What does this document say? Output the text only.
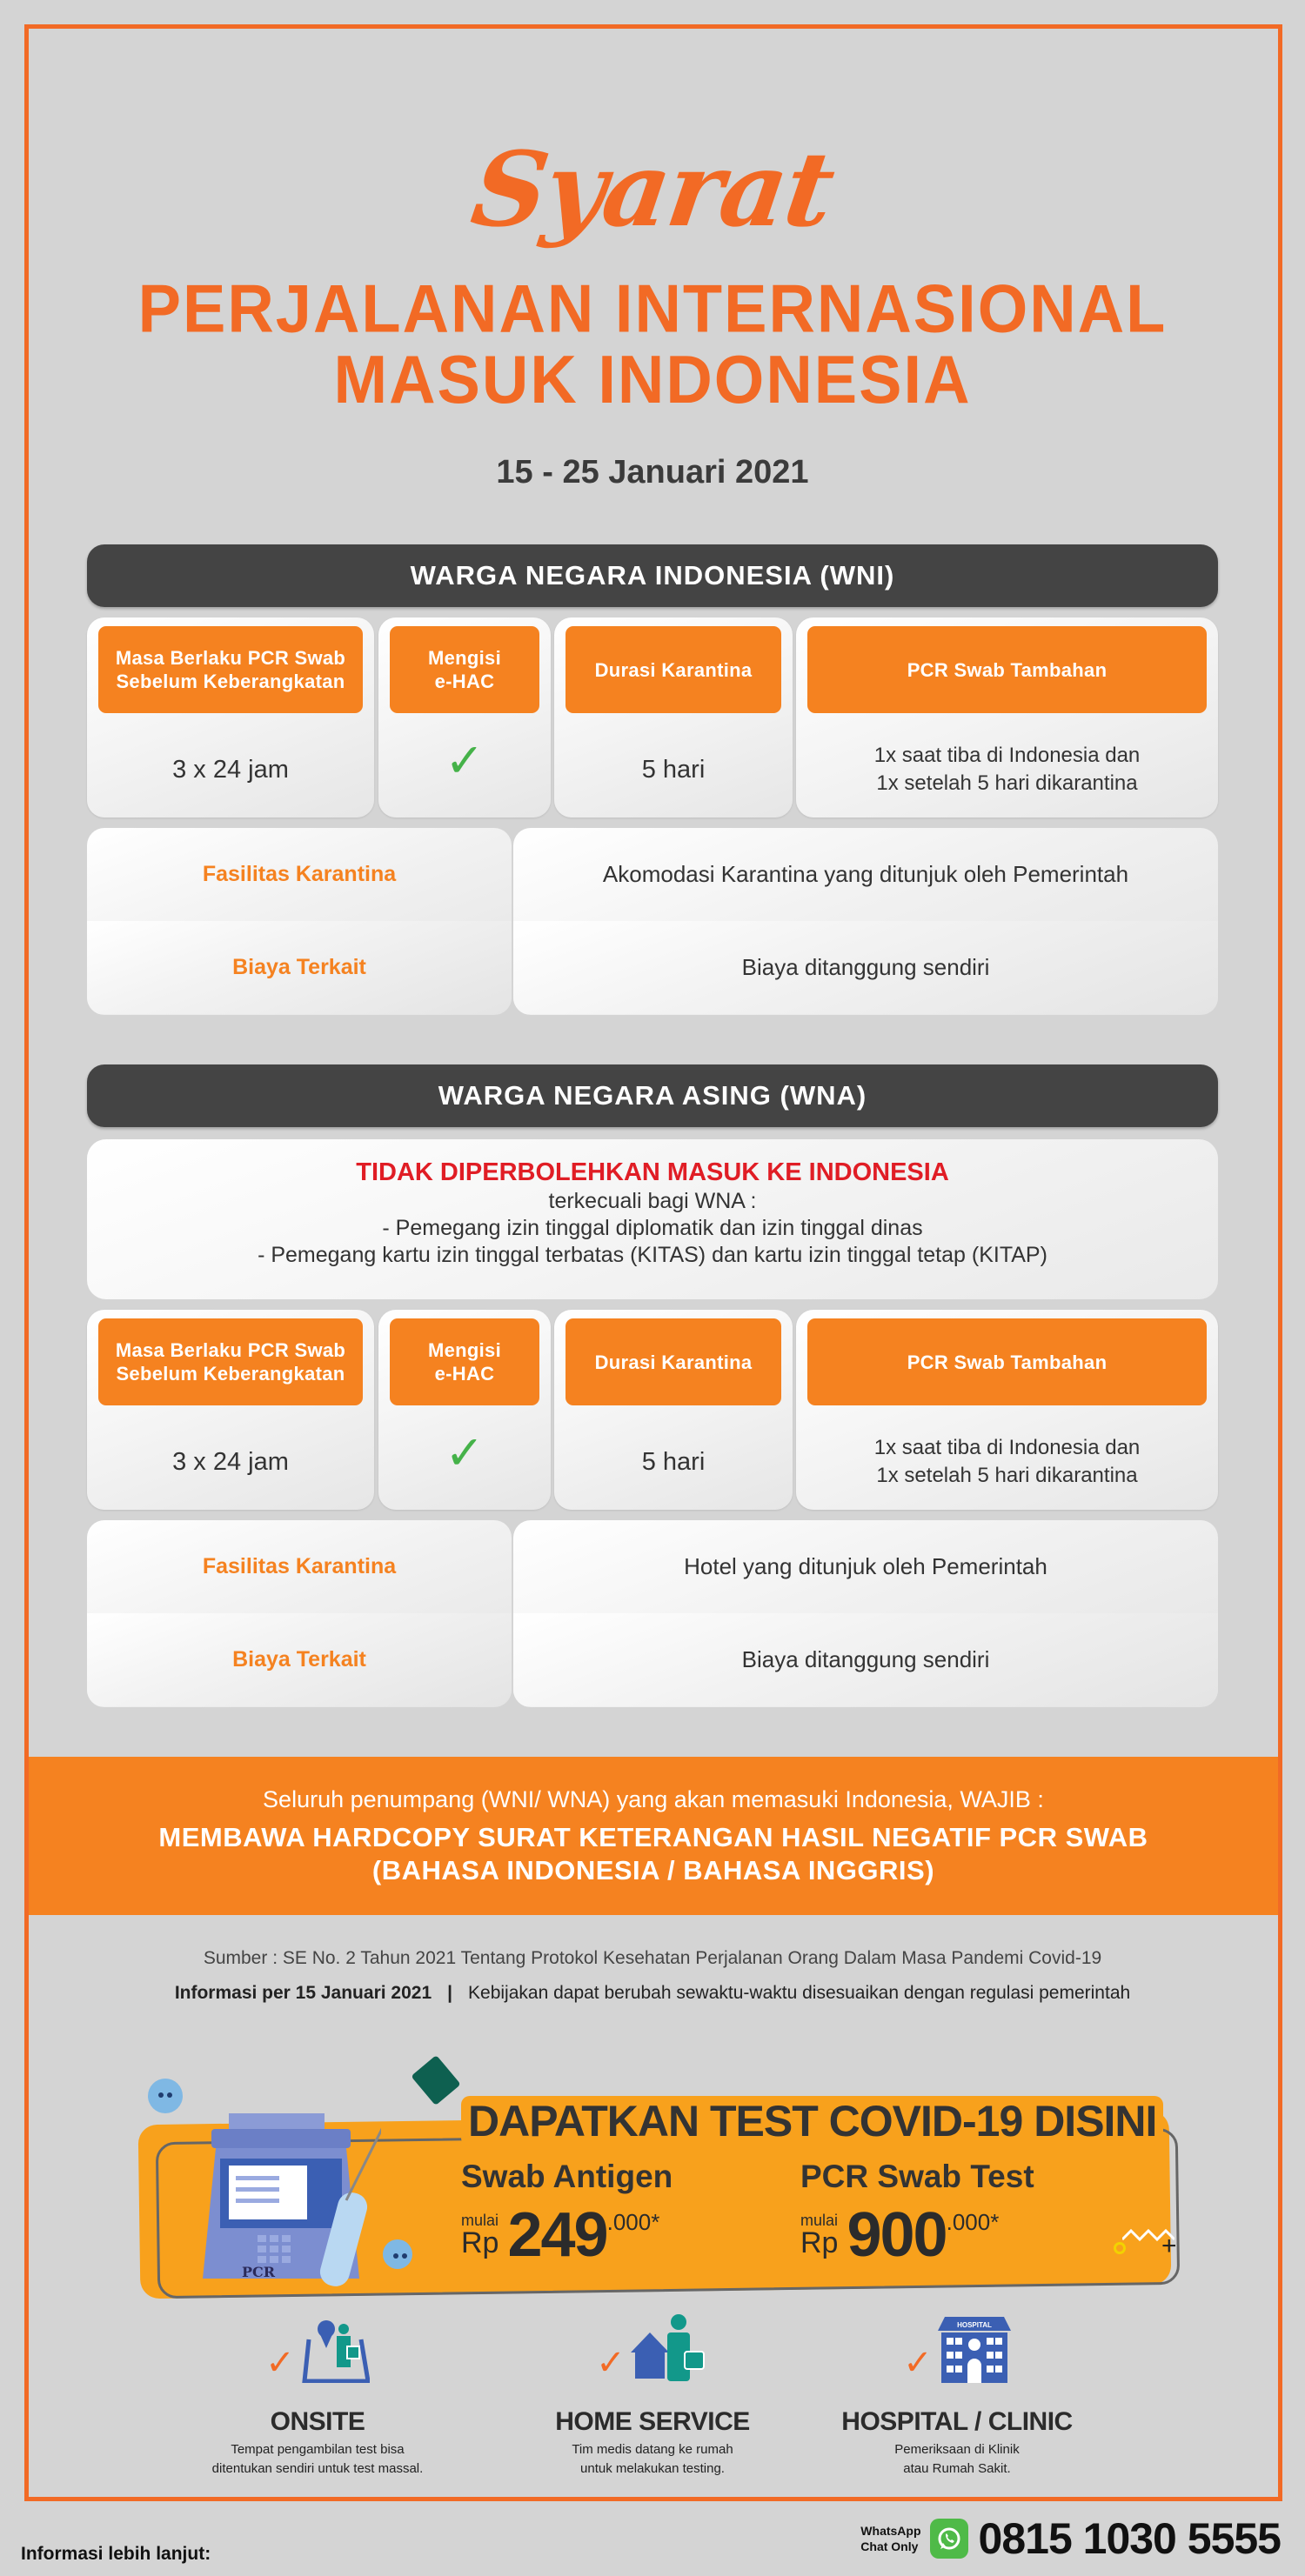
Syarat
PERJALANAN INTERNASIONAL
MASUK INDONESIA
15 - 25 Januari 2021
WARGA NEGARA INDONESIA (WNI)
Masa Berlaku PCR Swab
Sebelum Keberangkatan
3 x 24 jam
Mengisi
e-HAC
✓
Durasi Karantina
5 hari
PCR Swab Tambahan
1x saat tiba di Indonesia dan
1x setelah 5 hari dikarantina
Fasilitas Karantina
Biaya Terkait
Akomodasi Karantina yang ditunjuk oleh Pemerintah
Biaya ditanggung sendiri
WARGA NEGARA ASING (WNA)
TIDAK DIPERBOLEHKAN MASUK KE INDONESIA
terkecuali bagi WNA :
- Pemegang izin tinggal diplomatik dan izin tinggal dinas
- Pemegang kartu izin tinggal terbatas (KITAS) dan kartu izin tinggal tetap (KITAP)
Masa Berlaku PCR Swab
Sebelum Keberangkatan
3 x 24 jam
Mengisi
e-HAC
✓
Durasi Karantina
5 hari
PCR Swab Tambahan
1x saat tiba di Indonesia dan
1x setelah 5 hari dikarantina
Fasilitas Karantina
Biaya Terkait
Hotel yang ditunjuk oleh Pemerintah
Biaya ditanggung sendiri
Seluruh penumpang (WNI/ WNA) yang akan memasuki Indonesia, WAJIB :
MEMBAWA HARDCOPY SURAT KETERANGAN HASIL NEGATIF PCR SWAB
(BAHASA INDONESIA / BAHASA INGGRIS)
Sumber : SE No. 2 Tahun 2021 Tentang Protokol Kesehatan Perjalanan Orang Dalam Masa Pandemi Covid-19
Informasi per 15 Januari 2021 | Kebijakan dapat berubah sewaktu-waktu disesuaikan dengan regulasi pemerintah
PCR
DAPATKAN TEST COVID-19 DISINI
Swab Antigen
mulai
Rp 249 .000*
PCR Swab Test
mulai
Rp 900 .000*
+
✓
ONSITE
Tempat pengambilan test bisa
ditentukan sendiri untuk test massal.
✓
HOME SERVICE
Tim medis datang ke rumah
untuk melakukan testing.
✓
HOSPITAL
HOSPITAL / CLINIC
Pemeriksaan di Klinik
atau Rumah Sakit.
Informasi lebih lanjut:
WhatsApp
Chat Only 0815 1030 5555
